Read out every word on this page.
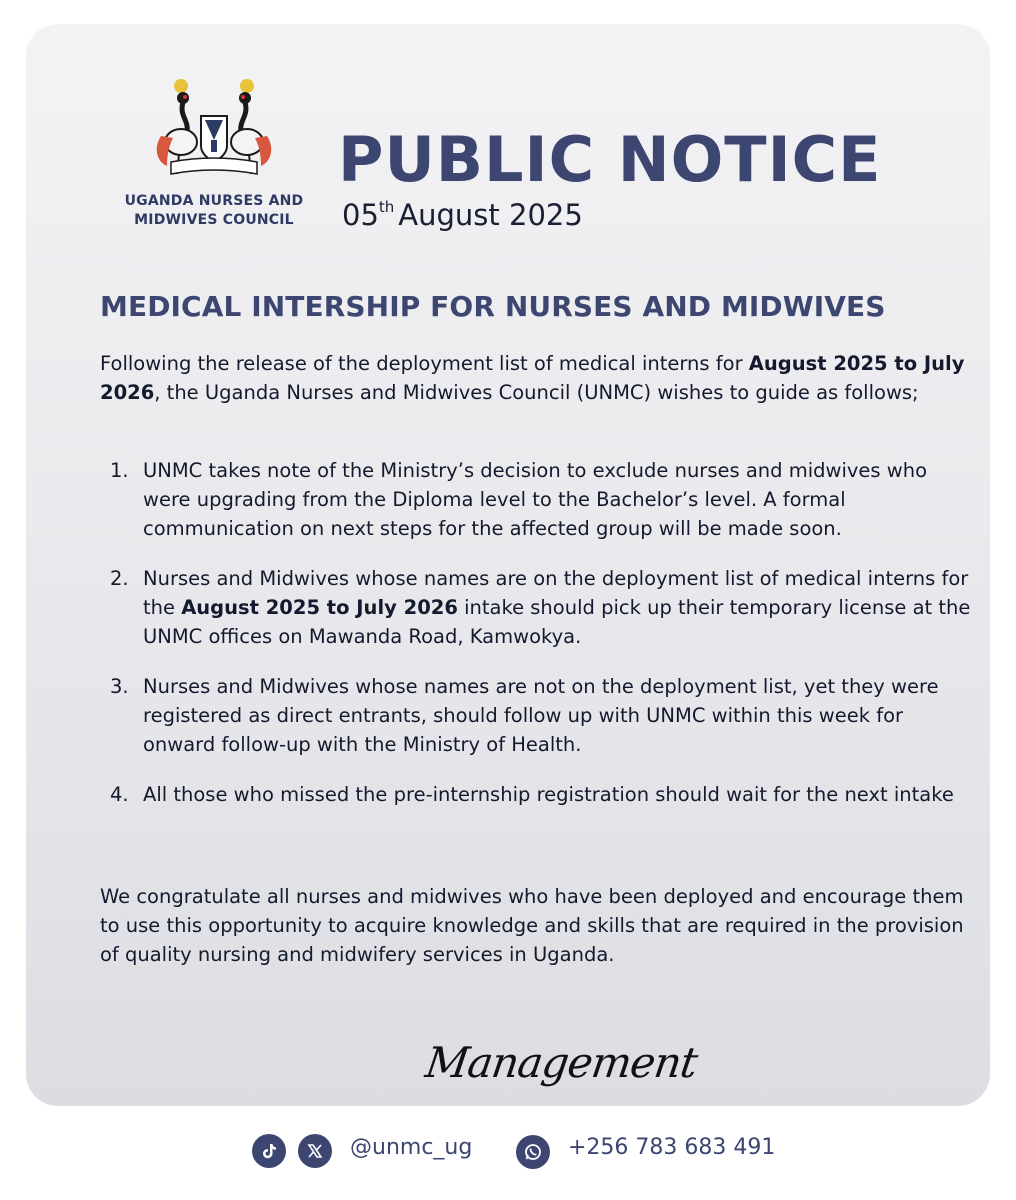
UGANDA NURSES AND
MIDWIVES COUNCIL
PUBLIC NOTICE
05th August 2025
MEDICAL INTERSHIP FOR NURSES AND MIDWIVES

Following the release of the deployment list of medical interns for August 2025 to July 2026, the Uganda Nurses and Midwives Council (UNMC) wishes to guide as follows;

1. UNMC takes note of the Ministry’s decision to exclude nurses and midwives who were upgrading from the Diploma level to the Bachelor’s level. A formal communication on next steps for the affected group will be made soon.
2. Nurses and Midwives whose names are on the deployment list of medical interns for the August 2025 to July 2026 intake should pick up their temporary license at the UNMC offices on Mawanda Road, Kamwokya.
3. Nurses and Midwives whose names are not on the deployment list, yet they were registered as direct entrants, should follow up with UNMC within this week for onward follow-up with the Ministry of Health.
4. All those who missed the pre-internship registration should wait for the next intake

We congratulate all nurses and midwives who have been deployed and encourage them to use this opportunity to acquire knowledge and skills that are required in the provision of quality nursing and midwifery services in Uganda.

Management
@unmc_ug	+256 783 683 491
